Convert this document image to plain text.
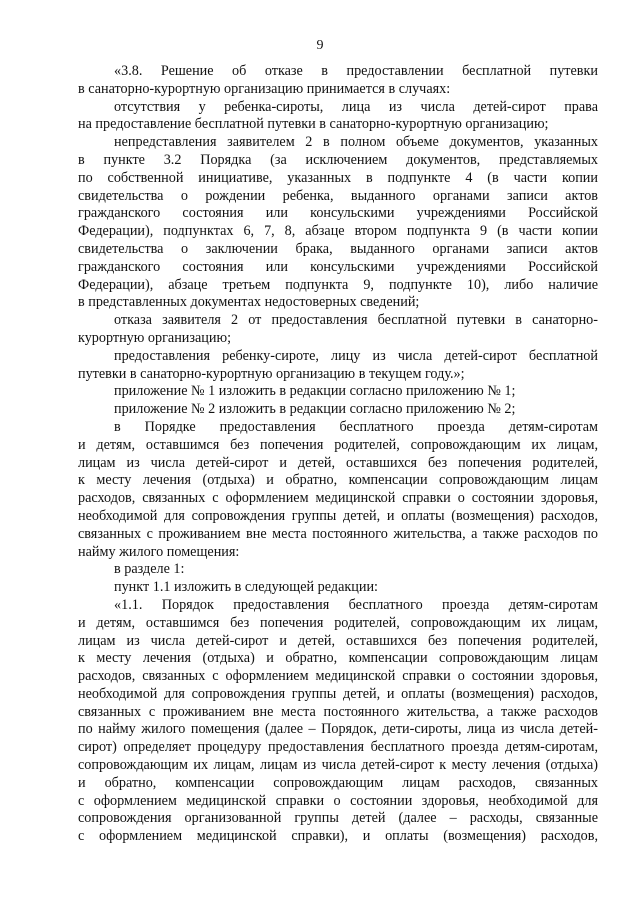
9
«3.8. Решение об отказе в предоставлении бесплатной путевки
в санаторно-курортную организацию принимается в случаях:
отсутствия у ребенка-сироты, лица из числа детей-сирот права
на предоставление бесплатной путевки в санаторно-курортную организацию;
непредставления заявителем 2 в полном объеме документов, указанных
в пункте 3.2 Порядка (за исключением документов, представляемых
по собственной инициативе, указанных в подпункте 4 (в части копии
свидетельства о рождении ребенка, выданного органами записи актов
гражданского состояния или консульскими учреждениями Российской
Федерации), подпунктах 6, 7, 8, абзаце втором подпункта 9 (в части копии
свидетельства о заключении брака, выданного органами записи актов
гражданского состояния или консульскими учреждениями Российской
Федерации), абзаце третьем подпункта 9, подпункте 10), либо наличие
в представленных документах недостоверных сведений;
отказа заявителя 2 от предоставления бесплатной путевки в санаторно-
курортную организацию;
предоставления ребенку-сироте, лицу из числа детей-сирот бесплатной
путевки в санаторно-курортную организацию в текущем году.»;
приложение № 1 изложить в редакции согласно приложению № 1;
приложение № 2 изложить в редакции согласно приложению № 2;
в Порядке предоставления бесплатного проезда детям-сиротам
и детям, оставшимся без попечения родителей, сопровождающим их лицам,
лицам из числа детей-сирот и детей, оставшихся без попечения родителей,
к месту лечения (отдыха) и обратно, компенсации сопровождающим лицам
расходов, связанных с оформлением медицинской справки о состоянии здоровья,
необходимой для сопровождения группы детей, и оплаты (возмещения) расходов,
связанных с проживанием вне места постоянного жительства, а также расходов по
найму жилого помещения:
в разделе 1:
пункт 1.1 изложить в следующей редакции:
«1.1. Порядок предоставления бесплатного проезда детям-сиротам
и детям, оставшимся без попечения родителей, сопровождающим их лицам,
лицам из числа детей-сирот и детей, оставшихся без попечения родителей,
к месту лечения (отдыха) и обратно, компенсации сопровождающим лицам
расходов, связанных с оформлением медицинской справки о состоянии здоровья,
необходимой для сопровождения группы детей, и оплаты (возмещения) расходов,
связанных с проживанием вне места постоянного жительства, а также расходов
по найму жилого помещения (далее – Порядок, дети-сироты, лица из числа детей-
сирот) определяет процедуру предоставления бесплатного проезда детям-сиротам,
сопровождающим их лицам, лицам из числа детей-сирот к месту лечения (отдыха)
и обратно, компенсации сопровождающим лицам расходов, связанных
с оформлением медицинской справки о состоянии здоровья, необходимой для
сопровождения организованной группы детей (далее – расходы, связанные
с оформлением медицинской справки), и оплаты (возмещения) расходов,
